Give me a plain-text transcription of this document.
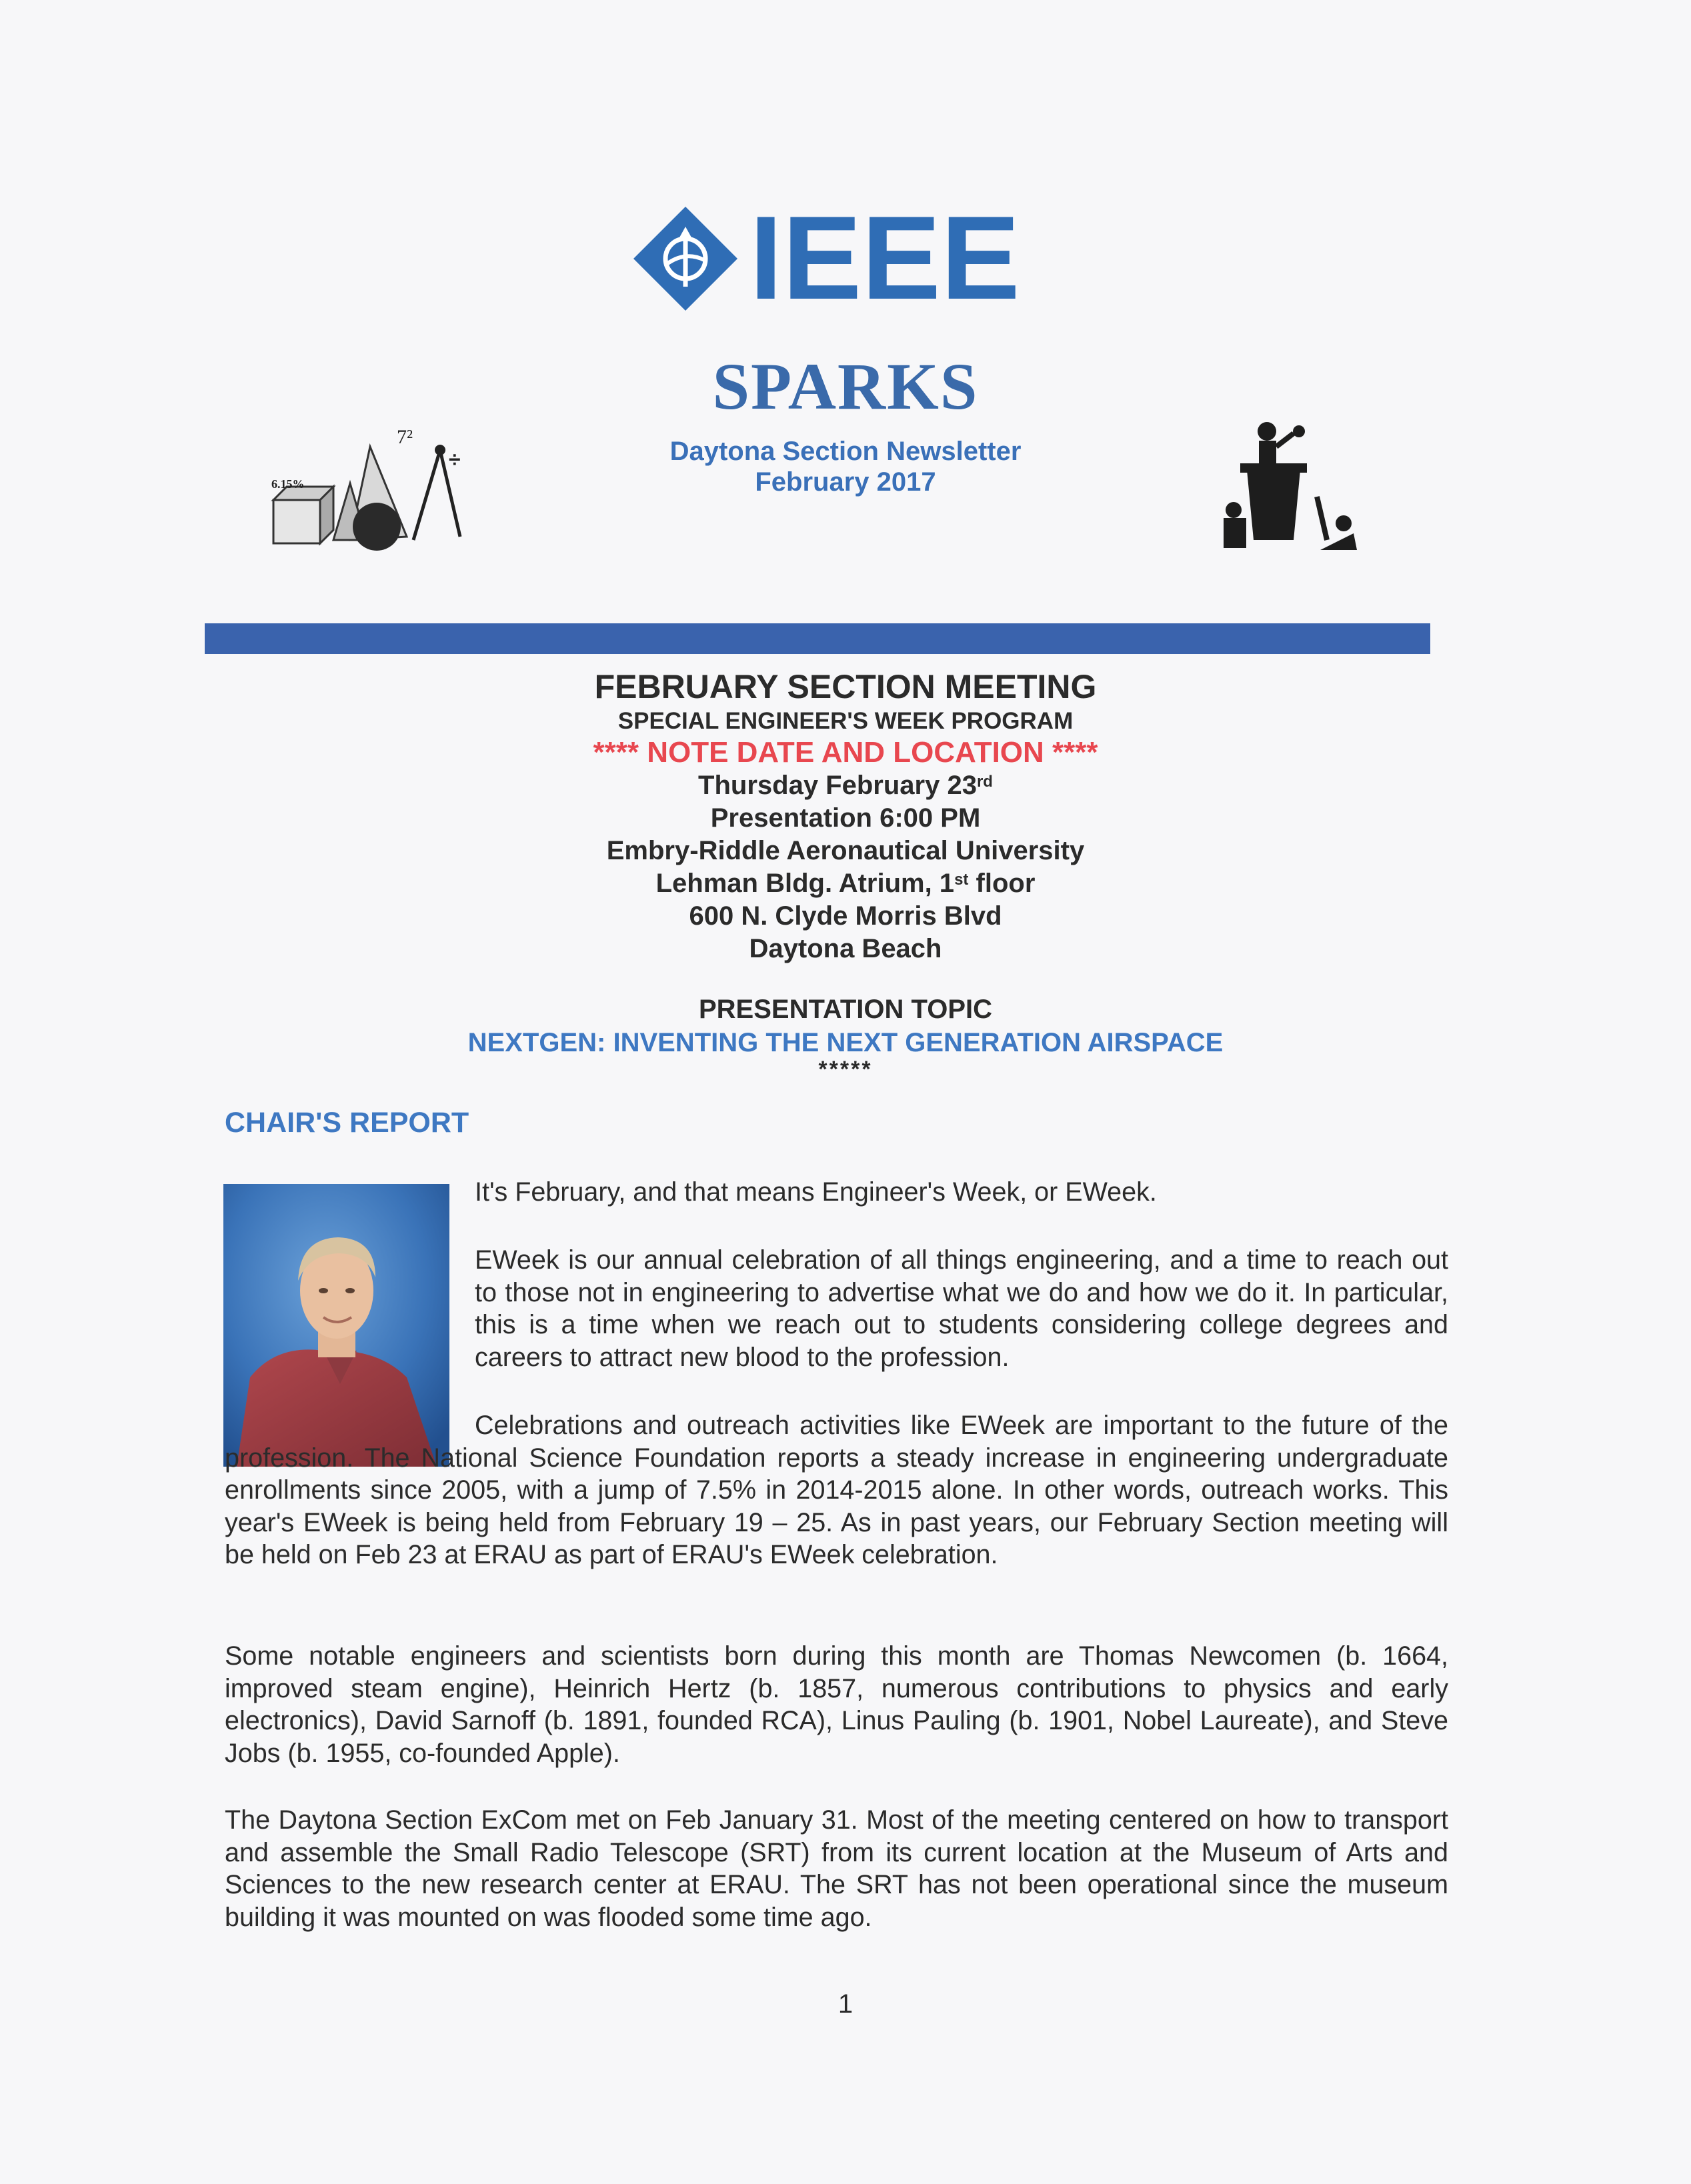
IEEE
SPARKS
Daytona Section Newsletter
February 2017
6.15%
7²
÷
FEBRUARY SECTION MEETING
SPECIAL ENGINEER'S WEEK PROGRAM
**** NOTE DATE AND LOCATION ****
Thursday February 23rd
Presentation 6:00 PM
Embry-Riddle Aeronautical University
Lehman Bldg. Atrium, 1st floor
600 N. Clyde Morris Blvd
Daytona Beach
PRESENTATION TOPIC
NEXTGEN: INVENTING THE NEXT GENERATION AIRSPACE
*****
CHAIR'S REPORT

It's February, and that means Engineer's Week, or EWeek.

EWeek is our annual celebration of all things engineering, and a time to reach out to those not in engineering to advertise what we do and how we do it. In particular, this is a time when we reach out to students considering college degrees and careers to attract new blood to the profession.

Celebrations and outreach activities like EWeek are important to the future of the profession. The National Science Foundation reports a steady increase in engineering undergraduate enrollments since 2005, with a jump of 7.5% in 2014-2015 alone. In other words, outreach works. This year's EWeek is being held from February 19 – 25. As in past years, our February Section meeting will be held on Feb 23 at ERAU as part of ERAU's EWeek celebration.

Some notable engineers and scientists born during this month are Thomas Newcomen (b. 1664, improved steam engine), Heinrich Hertz (b. 1857, numerous contributions to physics and early electronics), David Sarnoff (b. 1891, founded RCA), Linus Pauling (b. 1901, Nobel Laureate), and Steve Jobs (b. 1955, co-founded Apple).

The Daytona Section ExCom met on Feb January 31. Most of the meeting centered on how to transport and assemble the Small Radio Telescope (SRT) from its current location at the Museum of Arts and Sciences to the new research center at ERAU. The SRT has not been operational since the museum building it was mounted on was flooded some time ago.

1
